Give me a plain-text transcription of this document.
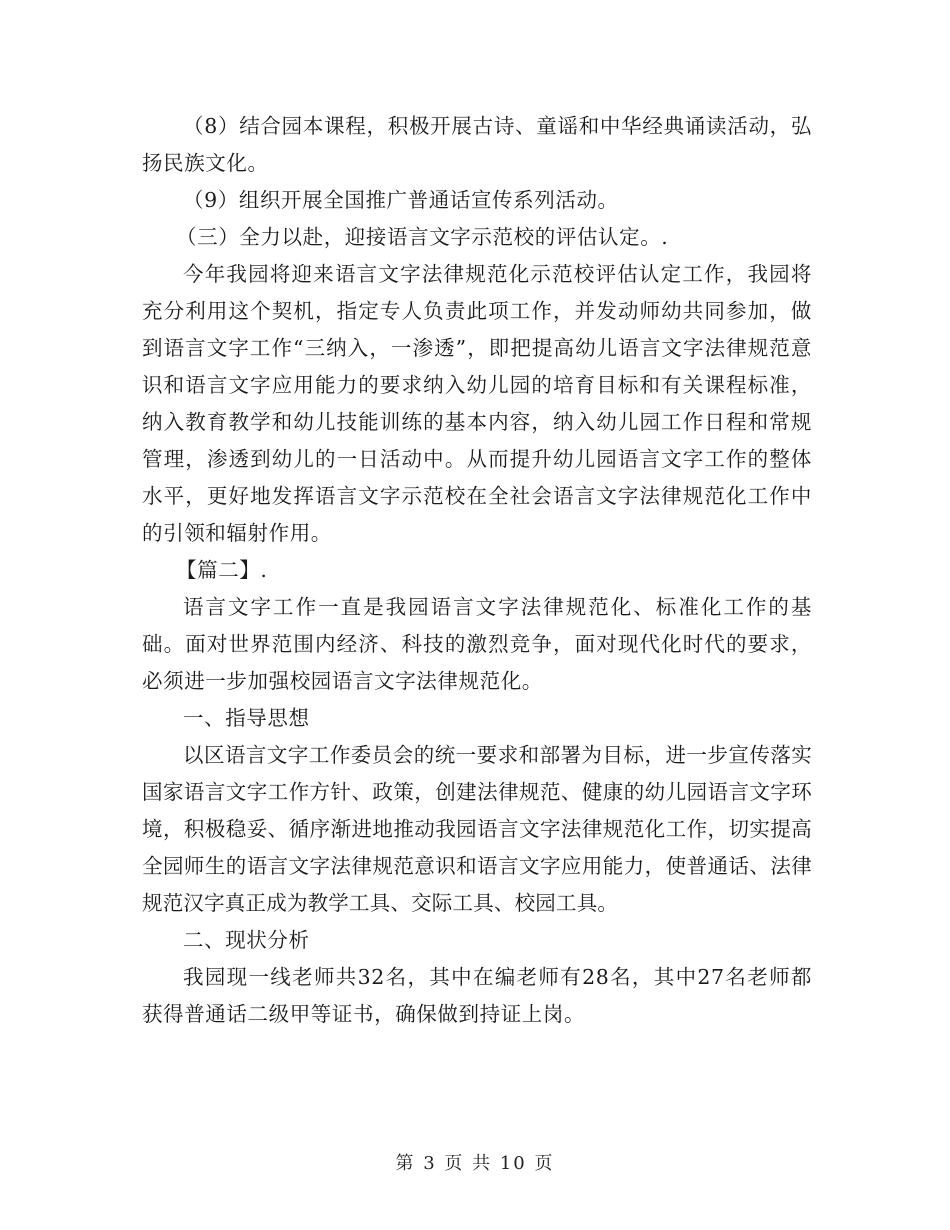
（8）结合园本课程，积极开展古诗、童谣和中华经典诵读活动，弘扬民族文化。

（9）组织开展全国推广普通话宣传系列活动。

（三）全力以赴，迎接语言文字示范校的评估认定。.

今年我园将迎来语言文字法律规范化示范校评估认定工作，我园将充分利用这个契机，指定专人负责此项工作，并发动师幼共同参加，做到语言文字工作“三纳入，一渗透”，即把提高幼儿语言文字法律规范意识和语言文字应用能力的要求纳入幼儿园的培育目标和有关课程标准，纳入教育教学和幼儿技能训练的基本内容，纳入幼儿园工作日程和常规管理，渗透到幼儿的一日活动中。从而提升幼儿园语言文字工作的整体水平，更好地发挥语言文字示范校在全社会语言文字法律规范化工作中的引领和辐射作用。

【篇二】.

语言文字工作一直是我园语言文字法律规范化、标准化工作的基础。面对世界范围内经济、科技的激烈竞争，面对现代化时代的要求，必须进一步加强校园语言文字法律规范化。

一、指导思想

以区语言文字工作委员会的统一要求和部署为目标，进一步宣传落实国家语言文字工作方针、政策，创建法律规范、健康的幼儿园语言文字环境，积极稳妥、循序渐进地推动我园语言文字法律规范化工作，切实提高全园师生的语言文字法律规范意识和语言文字应用能力，使普通话、法律规范汉字真正成为教学工具、交际工具、校园工具。

二、现状分析

我园现一线老师共32名，其中在编老师有28名，其中27名老师都获得普通话二级甲等证书，确保做到持证上岗。

第 3 页 共 10 页
